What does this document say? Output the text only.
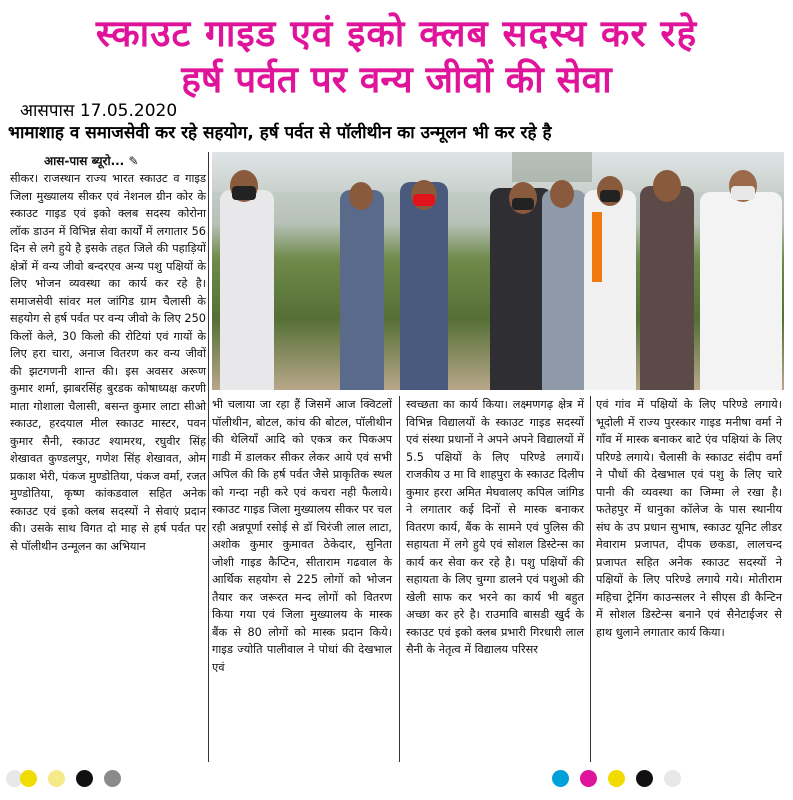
स्काउट गाइड एवं इको क्लब सदस्य कर रहे
हर्ष पर्वत पर वन्य जीवों की सेवा
आसपास 17.05.2020
भामाशाह व समाजसेवी कर रहे सहयोग, हर्ष पर्वत से पॉलीथीन का उन्मूलन भी कर रहे है
आस-पास ब्यूरो... ✎

सीकर। राजस्थान राज्य भारत स्काउट व गाइड जिला मुख्यालय सीकर एवं नेशनल ग्रीन कोर के स्काउट गाइड एवं इको क्लब सदस्य कोरोना लॉक डाउन में विभिन्न सेवा कार्यों में लगातार 56 दिन से लगे हुये है इसके तहत जिले की पहाड़ियों क्षेत्रों में वन्य जीवो बन्दरएव अन्य पशु पक्षियों के लिए भोजन व्यवस्था का कार्य कर रहे है। समाजसेवी सांवर मल जांगिड ग्राम चैलासी के सहयोग से हर्ष पर्वत पर वन्य जीवो के लिए 250 किलों केले, 30 किलो की रोटियां एवं गायों के लिए हरा चारा, अनाज वितरण कर वन्य जीवों की झटगणनी शान्त की। इस अवसर अरूण कुमार शर्मा, झाबरसिंह बुरडक कोषाध्यक्ष करणी माता गोशाला चैलासी, बसन्त कुमार लाटा सीओ स्काउट, हरदयाल मील स्काउट मास्टर, पवन कुमार सैनी, स्काउट श्यामरथ, रघुवीर सिंह शेखावत कुण्डलपुर, गणेश सिंह शेखावत, ओम प्रकाश भेरी, पंकज मुण्डोतिया, पंकज वर्मा, रजत मुण्डोतिया, कृष्ण कांकडवाल सहित अनेक स्काउट एवं इको क्लब सदस्यों ने सेवाएं प्रदान की। उसके साथ विगत दो माह से हर्ष पर्वत पर से पॉलीथीन उन्मूलन का अभियान

भी चलाया जा रहा हैं जिसमें आज क्विटलों पॉलीथीन, बोटल, कांच की बोटल, पॉलीथीन की थेलियाँ आदि को एकत्र कर पिकअप गाडी में डालकर सीकर लेकर आये एवं सभी अपिल की कि हर्ष पर्वत जैसे प्राकृतिक स्थल को गन्दा नही करे एवं कचरा नही फैलाये। स्काउट गाइड जिला मुख्यालय सीकर पर चल रही अन्नपूर्णा रसोई से डॉ चिरंजी लाल लाटा, अशोक कुमार कुमावत ठेकेदार, सुनिता जोशी गाइड कैप्टिन, सीताराम गढवाल के आर्थिक सहयोग से 225 लोगों को भोजन तैयार कर जरूरत मन्द लोगों को वितरण किया गया एवं जिला मुख्यालय के मास्क बैंक से 80 लोगों को मास्क प्रदान किये। गाइड ज्योति पालीवाल ने पोधां की देखभाल एवं

स्वच्छता का कार्य किया। लक्ष्मणगढ़ क्षेत्र में विभिन्न विद्यालयों के स्काउट गाइड सदस्यों एवं संस्था प्रधानों ने अपने अपने विद्यालयों में 5.5 पक्षियों के लिए परिण्डे लगायें। राजकीय उ मा वि शाहपुरा के स्काउट दिलीप कुमार हररा अमित मेघवालए कपिल जांगिड ने लगातार कई दिनों से मास्क बनाकर वितरण कार्य, बैंक के सामने एवं पुलिस की सहायता में लगे हुये एवं सोशल डिस्टेन्स का कार्य कर सेवा कर रहे है। पशु पक्षियों की सहायता के लिए चुग्गा डालने एवं पशुओ की खेली साफ कर भरने का कार्य भी बहुत अच्छा कर हरे है। राउमावि बासडी खुर्द के स्काउट एवं इको क्लब प्रभारी गिरधारी लाल सैनी के नेतृत्व में विद्यालय परिसर

एवं गांव में पक्षियों के लिए परिण्डे लगाये। भूदोली में राज्य पुरस्कार गाइड मनीषा वर्मा ने गाँव में मास्क बनाकर बाटे एंव पक्षियां के लिए परिण्डे लगाये। चैलासी के स्काउट संदीप वर्मा ने पौधों की देखभाल एवं पशु के लिए चारे पानी की व्यवस्था का जिम्मा ले रखा है। फतेहपुर में धानुका कॉलेज के पास स्थानीय संघ के उप प्रधान सुभाष, स्काउट यूनिट लीडर मेवाराम प्रजापत, दीपक छकडा, लालचन्द प्रजापत सहित अनेक स्काउट सदस्यों ने पक्षियों के लिए परिण्डे लगाये गये। मोतीराम महिचा ट्रेनिंग काउन्सलर ने सीएस डी कैन्टिन में सोशल डिस्टेन्स बनाने एवं सैनेटाईजर से हाथ धुलाने लगातार कार्य किया।
